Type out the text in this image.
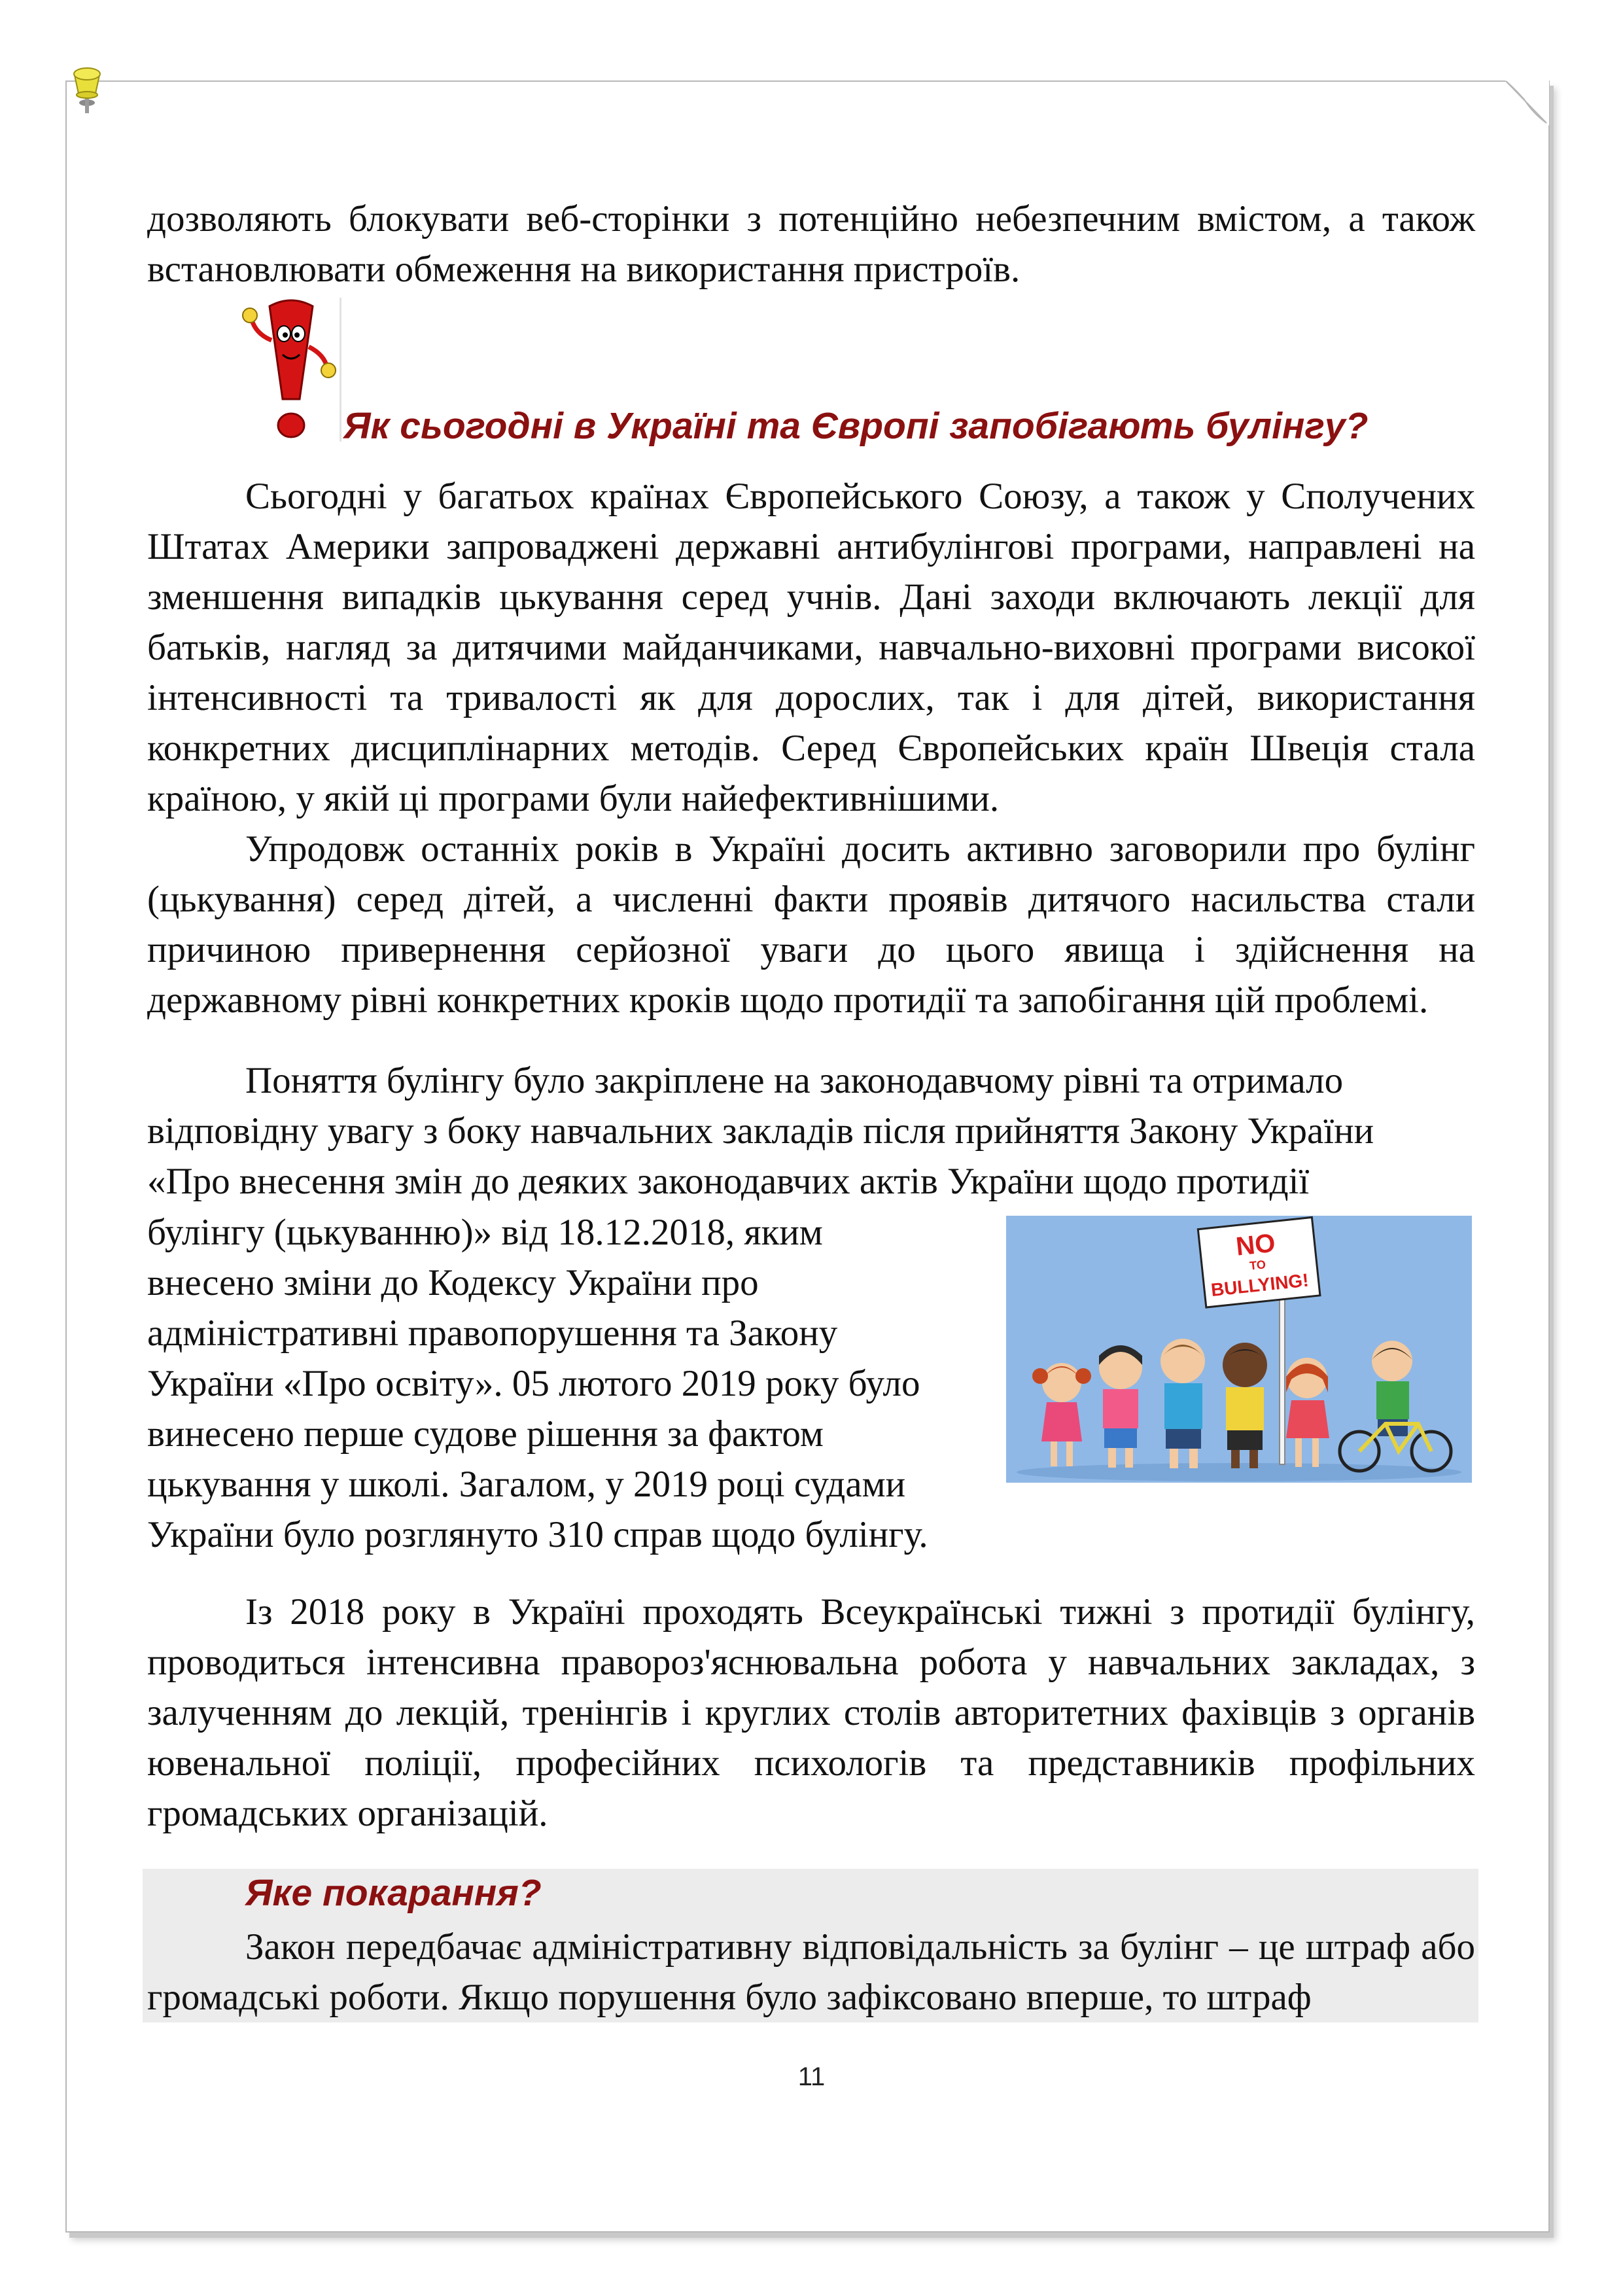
дозволяють блокувати веб-сторінки з потенційно небезпечним вмістом, а також встановлювати обмеження на використання пристроїв.

Як сьогодні в Україні та Європі запобігають булінгу?

Сьогодні у багатьох країнах Європейського Союзу, а також у Сполучених Штатах Америки запроваджені державні антибулінгові програми, направлені на зменшення випадків цькування серед учнів. Дані заходи включають лекції для батьків, нагляд за дитячими майданчиками, навчально-виховні програми високої інтенсивності та тривалості як для дорослих, так і для дітей, використання конкретних дисциплінарних методів. Серед Європейських країн Швеція стала країною, у якій ці програми були найефективнішими.

Упродовж останніх років в Україні досить активно заговорили про булінг (цькування) серед дітей, а численні факти проявів дитячого насильства стали причиною привернення серйозної уваги до цього явища і здійснення на державному рівні конкретних кроків щодо протидії та запобігання цій проблемі.

Поняття булінгу було закріплене на законодавчому рівні та отримало відповідну увагу з боку навчальних закладів після прийняття Закону України «Про внесення змін до деяких законодавчих актів України щодо протидії

булінгу (цькуванню)» від 18.12.2018, яким

внесено зміни до Кодексу України про

адміністративні правопорушення та Закону

України «Про освіту». 05 лютого 2019 року було

винесено перше судове рішення за фактом

цькування у школі. Загалом, у 2019 році судами

України було розглянуто 310 справ щодо булінгу.

NO
TO
BULLYING!

Із 2018 року в Україні проходять Всеукраїнські тижні з протидії булінгу, проводиться інтенсивна праворoз'яснювальна робота у навчальних закладах, з залученням до лекцій, тренінгів і круглих столів авторитетних фахівців з органів ювенальної поліції, професійних психологів та представників профільних громадських організацій.

Яке покарання?

Закон передбачає адміністративну відповідальність за булінг – це штраф або громадські роботи. Якщо порушення було зафіксовано вперше, то штраф

11
